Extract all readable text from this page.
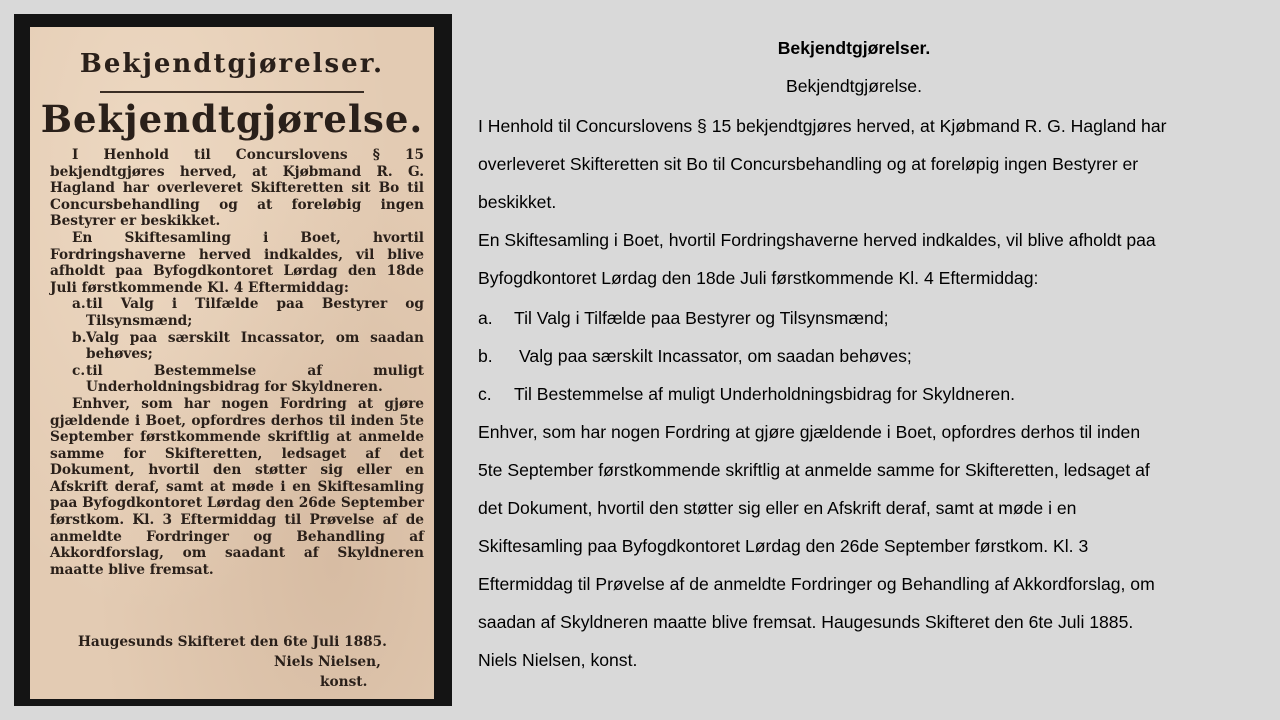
Bekjendtgjørelser.
Bekjendtgjørelse.

I Henhold til Concurslovens § 15 bekjendtgjøres herved, at Kjøbmand R. G. Hagland har overleveret Skifteretten sit Bo til Concursbehandling og at foreløbig ingen Bestyrer er beskikket.

En Skiftesamling i Boet, hvortil Fordringshaverne herved indkaldes, vil blive afholdt paa Byfogdkontoret Lørdag den 18de Juli førstkommende Kl. 4 Eftermiddag:

a. til Valg i Tilfælde paa Bestyrer og Tilsynsmænd;

b. Valg paa særskilt Incassator, om saadan behøves;

c. til Bestemmelse af muligt Underholdningsbidrag for Skyldneren.

Enhver, som har nogen Fordring at gjøre gjældende i Boet, opfordres derhos til inden 5te September førstkommende skriftlig at anmelde samme for Skifteretten, ledsaget af det Dokument, hvortil den støtter sig eller en Afskrift deraf, samt at møde i en Skiftesamling paa Byfogdkontoret Lørdag den 26de September førstkom. Kl. 3 Eftermiddag til Prøvelse af de anmeldte Fordringer og Behandling af Akkordforslag, om saadant af Skyldneren maatte blive fremsat.

Haugesunds Skifteret den 6te Juli 1885.
Niels Nielsen,
konst.
Bekjendtgjørelser.
Bekjendtgjørelse.
I Henhold til Concurslovens § 15 bekjendtgjøres herved, at Kjøbmand R. G. Hagland har
overleveret Skifteretten sit Bo til Concursbehandling og at foreløpig ingen Bestyrer er
beskikket.
En Skiftesamling i Boet, hvortil Fordringshaverne herved indkaldes, vil blive afholdt paa
Byfogdkontoret Lørdag den 18de Juli førstkommende Kl. 4 Eftermiddag:
a. Til Valg i Tilfælde paa Bestyrer og Tilsynsmænd;
b. Valg paa særskilt Incassator, om saadan behøves;
c. Til Bestemmelse af muligt Underholdningsbidrag for Skyldneren.
Enhver, som har nogen Fordring at gjøre gjældende i Boet, opfordres derhos til inden
5te September førstkommende skriftlig at anmelde samme for Skifteretten, ledsaget af
det Dokument, hvortil den støtter sig eller en Afskrift deraf, samt at møde i en
Skiftesamling paa Byfogdkontoret Lørdag den 26de September førstkom. Kl. 3
Eftermiddag til Prøvelse af de anmeldte Fordringer og Behandling af Akkordforslag, om
saadan af Skyldneren maatte blive fremsat. Haugesunds Skifteret den 6te Juli 1885.
Niels Nielsen, konst.
